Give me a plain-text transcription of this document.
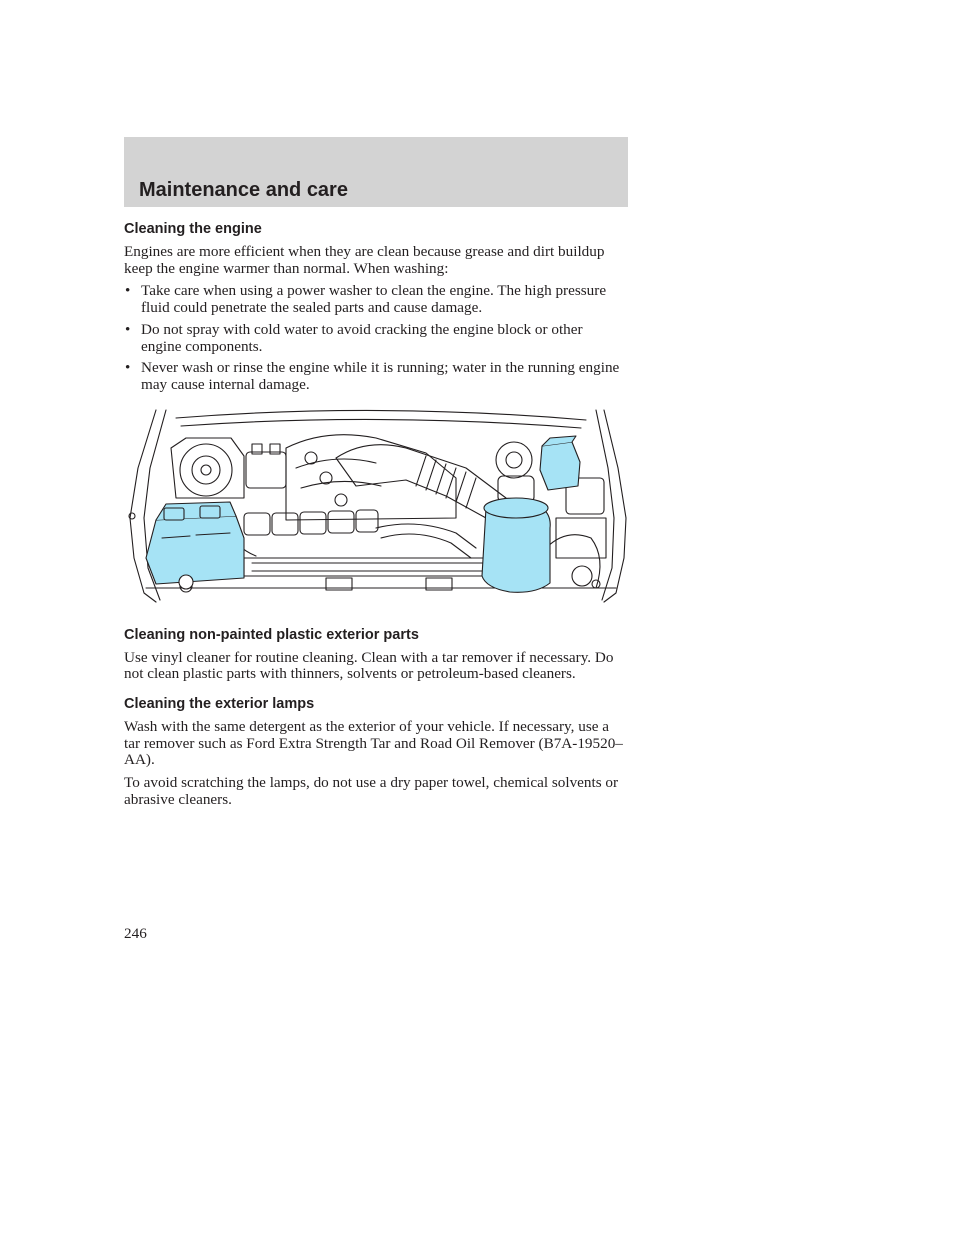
Maintenance and care
Cleaning the engine

Engines are more efficient when they are clean because grease and dirt buildup keep the engine warmer than normal. When washing:

• Take care when using a power washer to clean the engine. The high pressure fluid could penetrate the sealed parts and cause damage.
• Do not spray with cold water to avoid cracking the engine block or other engine components.
• Never wash or rinse the engine while it is running; water in the running engine may cause internal damage.
Cleaning non-painted plastic exterior parts

Use vinyl cleaner for routine cleaning. Clean with a tar remover if necessary. Do not clean plastic parts with thinners, solvents or petroleum-based cleaners.

Cleaning the exterior lamps

Wash with the same detergent as the exterior of your vehicle. If necessary, use a tar remover such as Ford Extra Strength Tar and Road Oil Remover (B7A-19520–AA).

To avoid scratching the lamps, do not use a dry paper towel, chemical solvents or abrasive cleaners.

246
